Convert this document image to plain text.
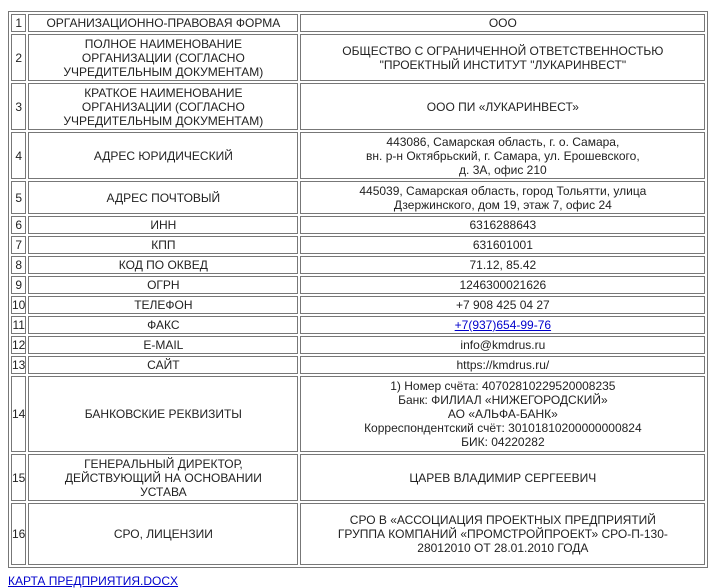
1	ОРГАНИЗАЦИОННО-ПРАВОВАЯ ФОРМА	ООО
2	ПОЛНОЕ НАИМЕНОВАНИЕ
ОРГАНИЗАЦИИ (СОГЛАСНО
УЧРЕДИТЕЛЬНЫМ ДОКУМЕНТАМ)	ОБЩЕСТВО С ОГРАНИЧЕННОЙ ОТВЕТСТВЕННОСТЬЮ
"ПРОЕКТНЫЙ ИНСТИТУТ "ЛУКАРИНВЕСТ"
3	КРАТКОЕ НАИМЕНОВАНИЕ
ОРГАНИЗАЦИИ (СОГЛАСНО
УЧРЕДИТЕЛЬНЫМ ДОКУМЕНТАМ)	ООО ПИ «ЛУКАРИНВЕСТ»
4	АДРЕС ЮРИДИЧЕСКИЙ	443086, Самарская область, г. о. Самара,
вн. р-н Октябрьский, г. Самара, ул. Ерошевского,
д. 3А, офис 210
5	АДРЕС ПОЧТОВЫЙ	445039, Самарская область, город Тольятти, улица
Дзержинского, дом 19, этаж 7, офис 24
6	ИНН	6316288643
7	КПП	631601001
8	КОД ПО ОКВЕД	71.12, 85.42
9	ОГРН	1246300021626
10	ТЕЛЕФОН	+7 908 425 04 27
11	ФАКС	+7(937)654-99-76
12	E-MAIL	info@kmdrus.ru
13	САЙТ	https://kmdrus.ru/
14	БАНКОВСКИЕ РЕКВИЗИТЫ	1) Номер счёта: 40702810229520008235
Банк: ФИЛИАЛ «НИЖЕГОРОДСКИЙ»
АО «АЛЬФА-БАНК»
Корреспондентский счёт: 30101810200000000824
БИК: 04220282
15	ГЕНЕРАЛЬНЫЙ ДИРЕКТОР,
ДЕЙСТВУЮЩИЙ НА ОСНОВАНИИ
УСТАВА	ЦАРЕВ ВЛАДИМИР СЕРГЕЕВИЧ
16	СРО, ЛИЦЕНЗИИ	СРО В «АССОЦИАЦИЯ ПРОЕКТНЫХ ПРЕДПРИЯТИЙ
ГРУППА КОМПАНИЙ «ПРОМСТРОЙПРОЕКТ» СРО-П-130-
28012010 ОТ 28.01.2010 ГОДА
КАРТА ПРЕДПРИЯТИЯ.DOCX
